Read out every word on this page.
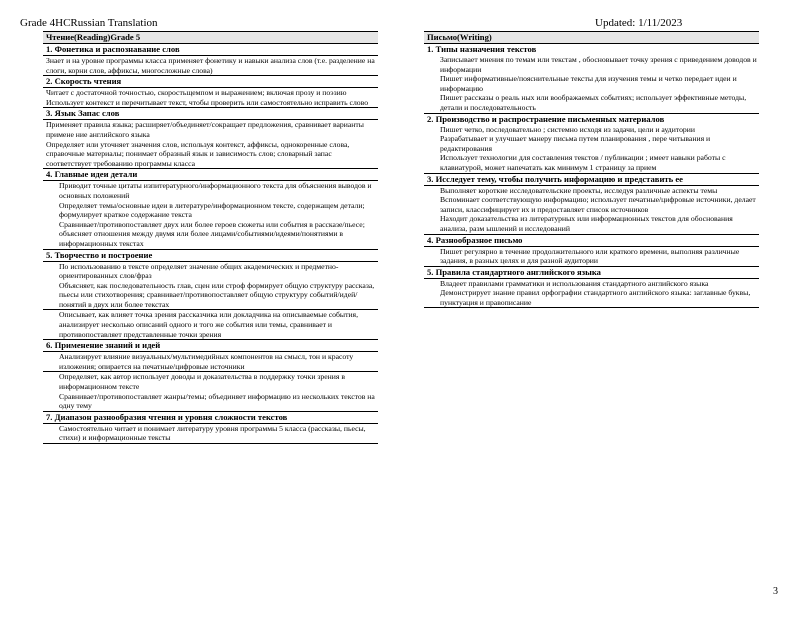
Grade 4HCRussian Translation	Updated: 1/11/2023
Чтение(Reading)Grade 5
1. Фонетика и распознавание слов
Знает и на уровне программы класса применяет фонетику и навыки анализа слов (т.е. разделение на слоги, корни слов, аффиксы, многосложные слова)
2. Скорость чтения
Читает с достаточной точностью, скоростьщемпом и выражением; включая прозу и поэзию
Использует контекст и перечитывает текст, чтобы проверить или самостоятельно исправить слово
3. Язык Запас слов
Применяет правила языка; расширяет/объединяет/сокращает предложения, сравнивает варианты примене ние английского языка
Определяет или уточняет значения слов, используя контекст, аффиксы, однокоренные слова, справочные материалы; понимает образный язык и зависимость слов; словарный запас соответствует требованию программы класса
4. Главные идеи детали
Приводит точные цитаты изпитературного/информационного текста для объяснения выводов и основных положений
Определяет темы/основные идеи в литературе/информационном тексте, содержащем детали; формулирует краткое содержание текста
Сравнивает/противопоставляет двух или более героев сюжеты или события в рассказе/пьесе; объясняет отношения между двумя или более лицами/событиями/идеями/понятиями в информационных текстах
5. Творчество и построение
По использованию в тексте определяет значение общих академических и предметно-ориентированных слов/фраз
Объясняет, как последовательность глав, сцен или строф формирует общую структуру рассказа, пьесы или стихотворения; сравнивает/противопоставляет общую структуру событий/идей/понятий в двух или более текстах
Описывает, как влияет точка зрения рассказчика или докладчика на описываемые события, анализирует несколько описаний одного и того же события или темы, сравнивает и противопоставляет представленные точки зрения
6. Применение знаний и идей
Анализирует влияние визуальных/мультимедийных компонентов на смысл, тон и красоту изложения; опирается на печатные/цифровые источники
Определяет, как автор использует доводы и доказательства в поддержку точки зрения в информационном тексте
Сравнивает/противопоставляет жанры/темы; объединяет информацию из нескольких текстов на одну тему
7. Диапазон разнообразия чтения и уровня сложности текстов
Самостоятельно читает и понимает литературу уровня программы 5 класса (рассказы, пьесы, стихи) и информационные тексты
Письмо(Writing)
1. Типы назначения текстов
Записывает мнения по темам или текстам , обосновывает точку зрения с приведением доводов и информации
Пишет информативные/пояснительные тексты для изучения темы и четко передает идеи и информацию
Пишет рассказы о реаль ных или воображаемых событиях; использует эффективные методы, детали и последовательность
2. Производство и распространение письменных материалов
Пишет четко, последовательно ; системно исходя из задачи, цели и аудитории
Разрабатывает и улучшает манеру письма путем планирования , пере читывания и редактирования
Использует технологии для составления текстов / публикации ; имеет навыки работы с клавиатурой, может напечатать как минимум 1 страницу за прием
3. Исследует тему, чтобы получить информацию и представить ее
Выполняет короткие исследовательские проекты, исследуя различные аспекты темы
Вспоминает соответствующую информацию; использует печатные/цифровые источники, делает записи, классифицирует их и предоставляет список источников
Находит доказательства из литературных или информационных текстов для обоснования анализа, разм ышлений и исследований
4. Разнообразное письмо
Пишет регулярно в течение продолжительного или краткого времени, выполняя различные задания, в разных целях и для разной аудитории
5. Правила стандартного английского языка
Владеет правилами грамматики и использования стандартного английского языка
Демонстрирует знание правил орфографии стандартного английского языка: заглавные буквы, пунктуация и правописание
3
